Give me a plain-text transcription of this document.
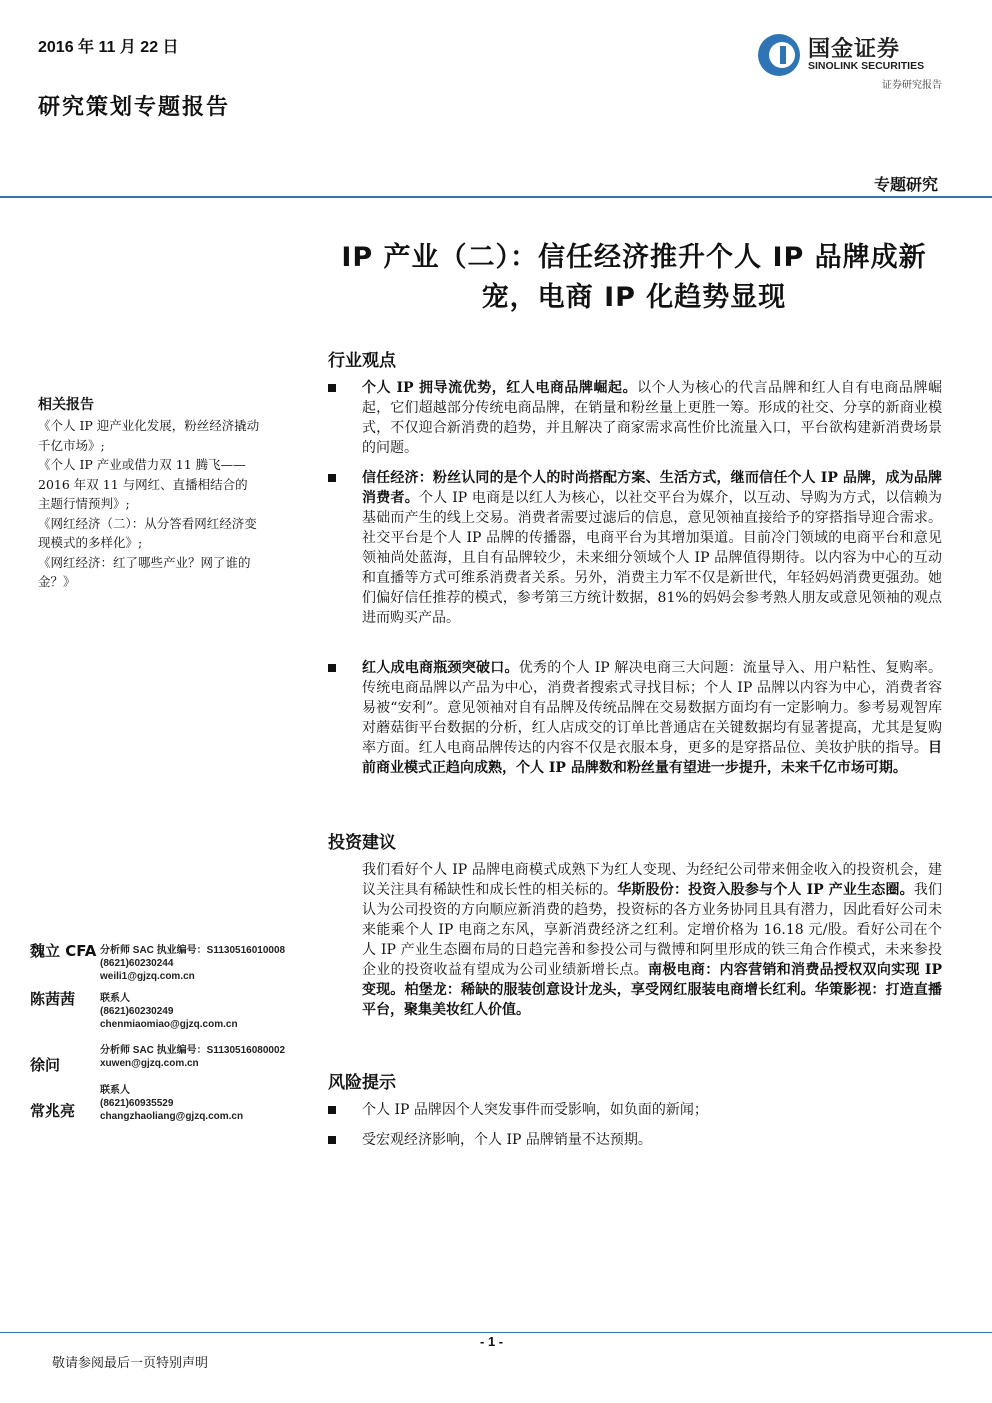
2016 年 11 月 22 日
研究策划专题报告
国金证券
SINOLINK SECURITIES
证券研究报告
专题研究
IP 产业（二）：信任经济推升个人 IP 品牌成新
宠，电商 IP 化趋势显现
相关报告
《个人 IP 迎产业化发展，粉丝经济撬动千亿市场》;
《个人 IP 产业或借力双 11 腾飞——2016 年双 11 与网红、直播相结合的主题行情预判》;
《网红经济（二）：从分答看网红经济变现模式的多样化》;
《网红经济：红了哪些产业？网了谁的金？》
行业观点
个人 IP 拥导流优势，红人电商品牌崛起。以个人为核心的代言品牌和红人自有电商品牌崛起，它们超越部分传统电商品牌，在销量和粉丝量上更胜一筹。形成的社交、分享的新商业模式，不仅迎合新消费的趋势，并且解决了商家需求高性价比流量入口，平台欲构建新消费场景的问题。
信任经济：粉丝认同的是个人的时尚搭配方案、生活方式，继而信任个人 IP 品牌，成为品牌消费者。个人 IP 电商是以红人为核心，以社交平台为媒介，以互动、导购为方式，以信赖为基础而产生的线上交易。消费者需要过滤后的信息，意见领袖直接给予的穿搭指导迎合需求。社交平台是个人 IP 品牌的传播器，电商平台为其增加渠道。目前冷门领域的电商平台和意见领袖尚处蓝海，且自有品牌较少，未来细分领域个人 IP 品牌值得期待。以内容为中心的互动和直播等方式可维系消费者关系。另外，消费主力军不仅是新世代，年轻妈妈消费更强劲。她们偏好信任推荐的模式，参考第三方统计数据，81%的妈妈会参考熟人朋友或意见领袖的观点进而购买产品。
红人成电商瓶颈突破口。优秀的个人 IP 解决电商三大问题：流量导入、用户粘性、复购率。传统电商品牌以产品为中心，消费者搜索式寻找目标；个人 IP 品牌以内容为中心，消费者容易被“安利”。意见领袖对自有品牌及传统品牌在交易数据方面均有一定影响力。参考易观智库对蘑菇街平台数据的分析，红人店成交的订单比普通店在关键数据均有显著提高，尤其是复购率方面。红人电商品牌传达的内容不仅是衣服本身，更多的是穿搭品位、美妆护肤的指导。目前商业模式正趋向成熟，个人 IP 品牌数和粉丝量有望进一步提升，未来千亿市场可期。
投资建议
我们看好个人 IP 品牌电商模式成熟下为红人变现、为经纪公司带来佣金收入的投资机会，建议关注具有稀缺性和成长性的相关标的。华斯股份：投资入股参与个人 IP 产业生态圈。我们认为公司投资的方向顺应新消费的趋势，投资标的各方业务协同且具有潜力，因此看好公司未来能乘个人 IP 电商之东风，享新消费经济之红利。定增价格为 16.18 元/股。看好公司在个人 IP 产业生态圈布局的日趋完善和参投公司与微博和阿里形成的铁三角合作模式，未来参投企业的投资收益有望成为公司业绩新增长点。南极电商：内容营销和消费品授权双向实现 IP 变现。柏堡龙：稀缺的服装创意设计龙头，享受网红服装电商增长红利。华策影视：打造直播平台，聚集美妆红人价值。
风险提示
个人 IP 品牌因个人突发事件而受影响，如负面的新闻；
受宏观经济影响，个人 IP 品牌销量不达预期。
魏立 CFA 分析师 SAC 执业编号：S1130516010008
(8621)60230244
weili1@gjzq.com.cn
陈茜茜 联系人
(8621)60230249
chenmiaomiao@gjzq.com.cn
徐问
分析师 SAC 执业编号：S1130516080002
xuwen@gjzq.com.cn
常兆亮
联系人
(8621)60935529
changzhaoliang@gjzq.com.cn
- 1 -
敬请参阅最后一页特别声明
